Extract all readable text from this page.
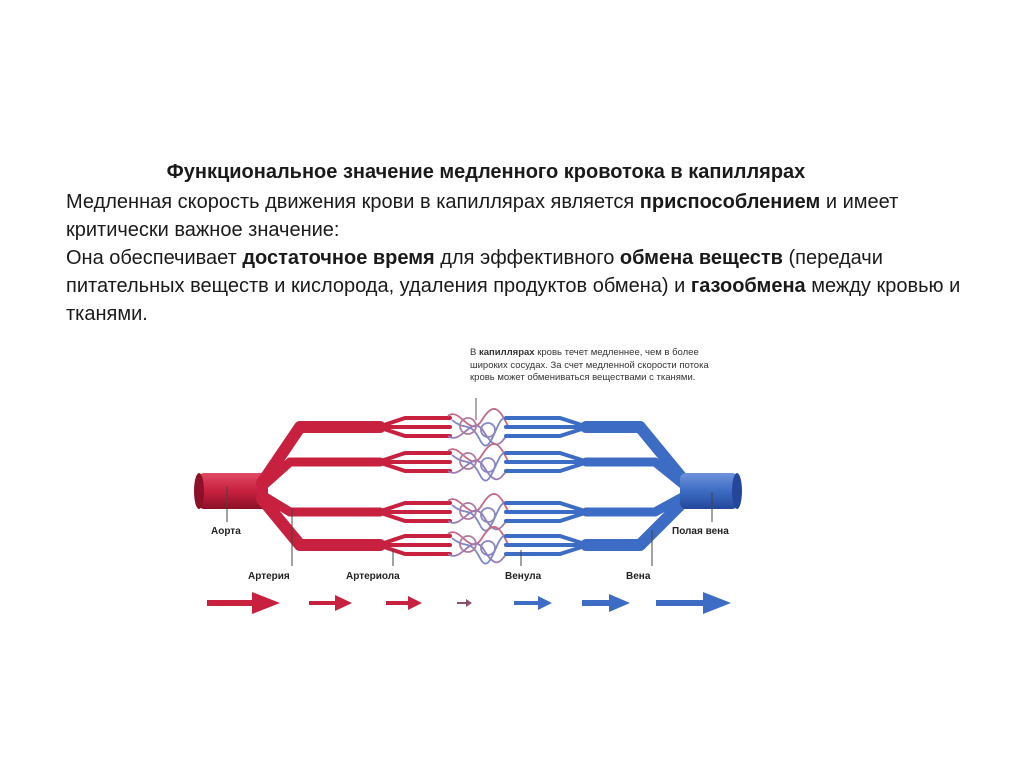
Функциональное значение медленного кровотока в капиллярах

Медленная скорость движения крови в капиллярах является приспособлением и имеет критически важное значение:

Она обеспечивает достаточное время для эффективного обмена веществ (передачи питательных веществ и кислорода, удаления продуктов обмена) и газообмена между кровью и тканями.

В капиллярах кровь течет медленнее, чем в более широких сосудах. За счет медленной скорости потока кровь может обмениваться веществами с тканями.
Аорта
Артерия	Артериола	Венула	Вена
Полая вена
